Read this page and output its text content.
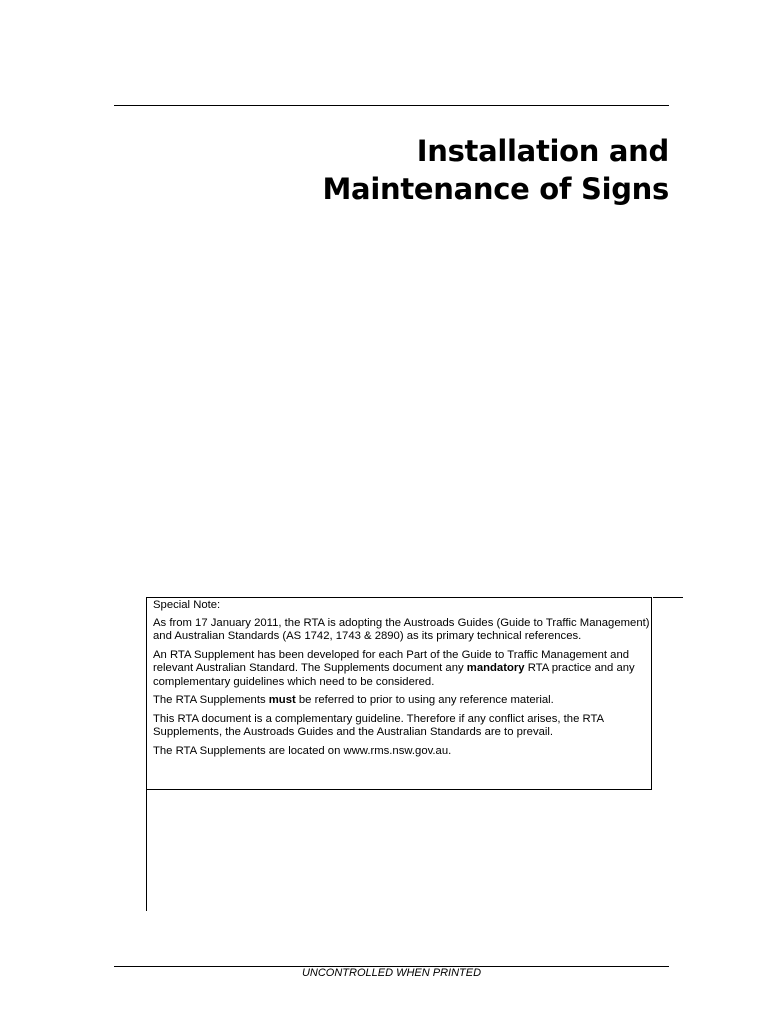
Installation and
Maintenance of Signs

Special Note:

As from 17 January 2011, the RTA is adopting the Austroads Guides (Guide to Traffic Management) and Australian Standards (AS 1742, 1743 & 2890) as its primary technical references.

An RTA Supplement has been developed for each Part of the Guide to Traffic Management and relevant Australian Standard. The Supplements document any mandatory RTA practice and any complementary guidelines which need to be considered.

The RTA Supplements must be referred to prior to using any reference material.

This RTA document is a complementary guideline. Therefore if any conflict arises, the RTA Supplements, the Austroads Guides and the Australian Standards are to prevail.

The RTA Supplements are located on www.rms.nsw.gov.au.

UNCONTROLLED WHEN PRINTED
